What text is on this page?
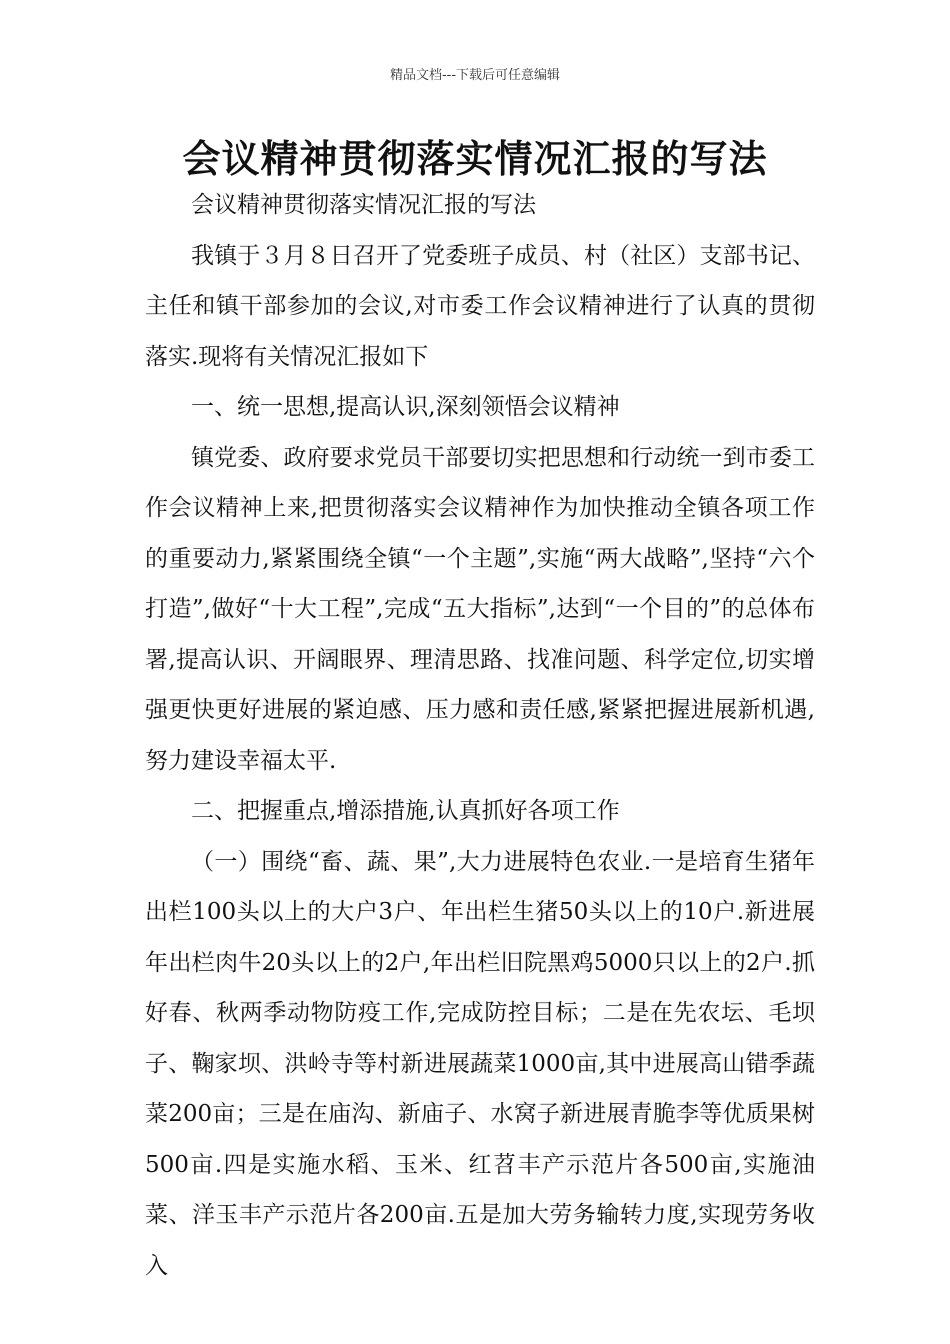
精品文档---下载后可任意编辑
会议精神贯彻落实情况汇报的写法

会议精神贯彻落实情况汇报的写法

我镇于３月８日召开了党委班子成员、村（社区）支部书记、主任和镇干部参加的会议,对市委工作会议精神进行了认真的贯彻落实.现将有关情况汇报如下

一、统一思想,提高认识,深刻领悟会议精神

镇党委、政府要求党员干部要切实把思想和行动统一到市委工作会议精神上来,把贯彻落实会议精神作为加快推动全镇各项工作的重要动力,紧紧围绕全镇“一个主题”,实施“两大战略”,坚持“六个打造”,做好“十大工程”,完成“五大指标”,达到“一个目的”的总体布署,提高认识、开阔眼界、理清思路、找准问题、科学定位,切实增强更快更好进展的紧迫感、压力感和责任感,紧紧把握进展新机遇,努力建设幸福太平.

二、把握重点,增添措施,认真抓好各项工作

（一）围绕“畜、蔬、果”,大力进展特色农业.一是培育生猪年出栏100头以上的大户3户、年出栏生猪50头以上的10户.新进展年出栏肉牛20头以上的2户,年出栏旧院黑鸡5000只以上的2户.抓好春、秋两季动物防疫工作,完成防控目标；二是在先农坛、毛坝子、鞠家坝、洪岭寺等村新进展蔬菜1000亩,其中进展高山错季蔬菜200亩；三是在庙沟、新庙子、水窝子新进展青脆李等优质果树500亩.四是实施水稻、玉米、红苕丰产示范片各500亩,实施油菜、洋玉丰产示范片各200亩.五是加大劳务输转力度,实现劳务收入
